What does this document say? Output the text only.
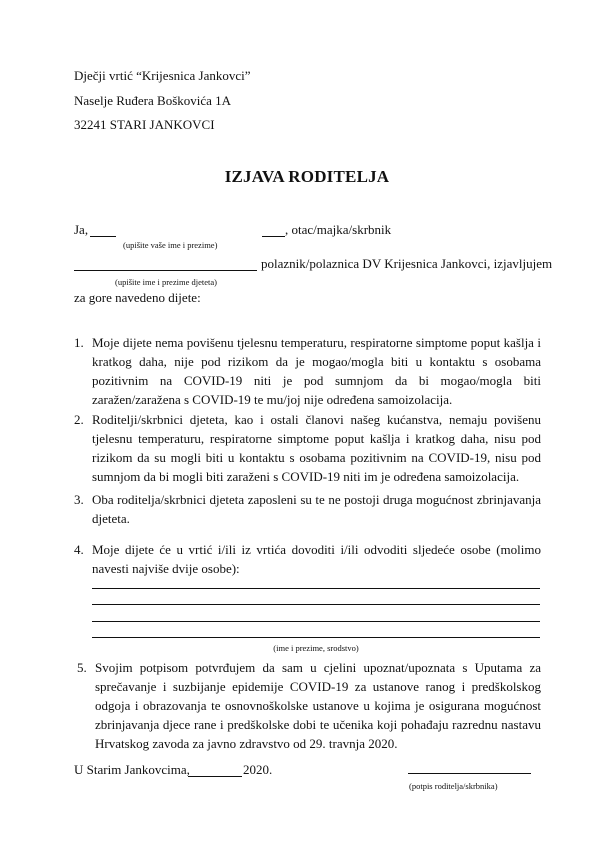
Dječji vrtić “Krijesnica Jankovci”
Naselje Ruđera Boškovića 1A
32241 STARI JANKOVCI
IZJAVA RODITELJA
Ja,	, otac/majka/skrbnik
(upišite vaše ime i prezime)
polaznik/polaznica DV Krijesnica Jankovci, izjavljujem
(upišite ime i prezime djeteta)
za gore navedeno dijete:
1. Moje dijete nema povišenu tjelesnu temperaturu, respiratorne simptome poput kašlja i kratkog daha, nije pod rizikom da je mogao/mogla biti u kontaktu s osobama pozitivnim na COVID-19 niti je pod sumnjom da bi mogao/mogla biti zaražen/zaražena s COVID-19 te mu/joj nije određena samoizolacija.
2. Roditelji/skrbnici djeteta, kao i ostali članovi našeg kućanstva, nemaju povišenu tjelesnu temperaturu, respiratorne simptome poput kašlja i kratkog daha, nisu pod rizikom da su mogli biti u kontaktu s osobama pozitivnim na COVID-19, nisu pod sumnjom da bi mogli biti zaraženi s COVID-19 niti im je određena samoizolacija.
3. Oba roditelja/skrbnici djeteta zaposleni su te ne postoji druga mogućnost zbrinjavanja djeteta.
4. Moje dijete će u vrtić i/ili iz vrtića dovoditi i/ili odvoditi sljedeće osobe (molimo navesti najviše dvije osobe):
(ime i prezime, srodstvo)
5. Svojim potpisom potvrđujem da sam u cjelini upoznat/upoznata s Uputama za sprečavanje i suzbijanje epidemije COVID-19 za ustanove ranog i predškolskog odgoja i obrazovanja te osnovnoškolske ustanove u kojima je osigurana mogućnost zbrinjavanja djece rane i predškolske dobi te učenika koji pohađaju razrednu nastavu Hrvatskog zavoda za javno zdravstvo od 29. travnja 2020.
U Starim Jankovcima,	2020.
(potpis roditelja/skrbnika)
